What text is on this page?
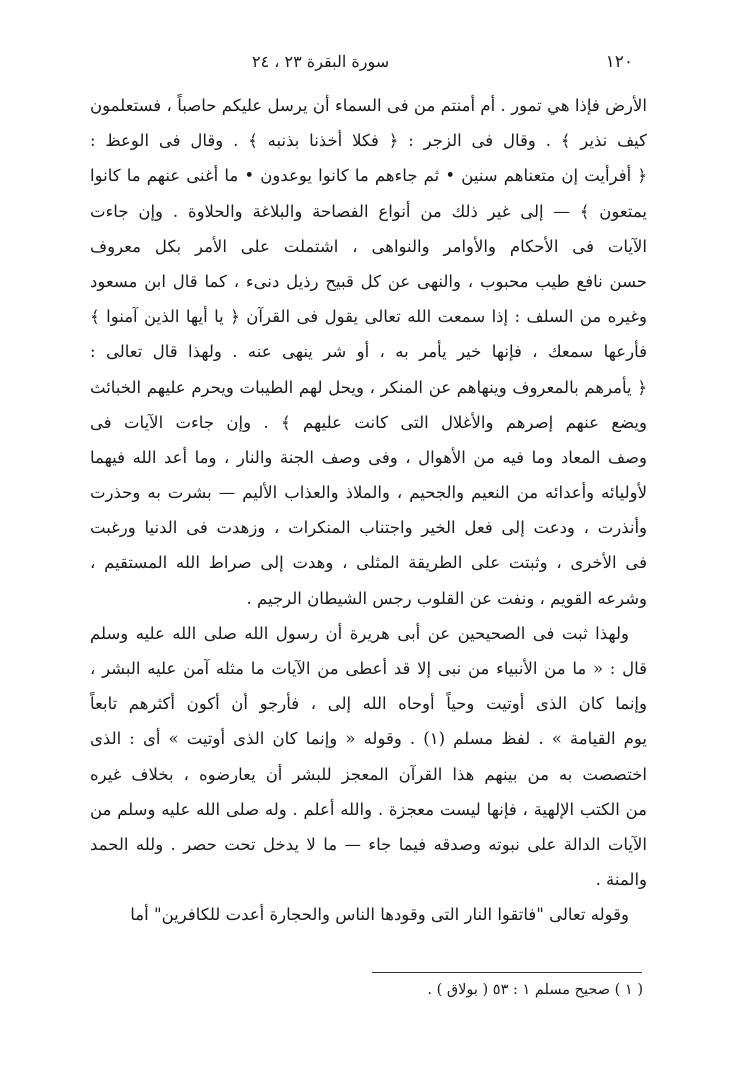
١٢٠
سورة البقرة ٢٣ ، ٢٤
الأرض فإذا هي تمور . أم أمنتم من فى السماء أن يرسل عليكم حاصباً ، فستعلمون
كيف نذير ﴾ . وقال فى الزجر : ﴿ فكلا أخذنا بذنبه ﴾ . وقال فى الوعظ :
﴿ أفرأيت إن متعناهم سنين • ثم جاءهم ما كانوا يوعدون • ما أغنى عنهم ما كانوا
يمتعون ﴾ — إلى غير ذلك من أنواع الفصاحة والبلاغة والحلاوة . وإن جاءت
الآيات فى الأحكام والأوامر والنواهى ، اشتملت على الأمر بكل معروف
حسن نافع طيب محبوب ، والنهى عن كل قبيح رذيل دنىء ، كما قال ابن مسعود
وغيره من السلف : إذا سمعت الله تعالى يقول فى القرآن ﴿ يا أيها الذين آمنوا ﴾
فأرعها سمعك ، فإنها خير يأمر به ، أو شر ينهى عنه . ولهذا قال تعالى :
﴿ يأمرهم بالمعروف وينهاهم عن المنكر ، ويحل لهم الطيبات ويحرم عليهم الخبائث
ويضع عنهم إصرهم والأغلال التى كانت عليهم ﴾ . وإن جاءت الآيات فى
وصف المعاد وما فيه من الأهوال ، وفى وصف الجنة والنار ، وما أعد الله فيهما
لأوليائه وأعدائه من النعيم والجحيم ، والملاذ والعذاب الأليم — بشرت به وحذرت
وأنذرت ، ودعت إلى فعل الخير واجتناب المنكرات ، وزهدت فى الدنيا ورغبت
فى الأخرى ، وثبتت على الطريقة المثلى ، وهدت إلى صراط الله المستقيم ،
وشرعه القويم ، ونفت عن القلوب رجس الشيطان الرجيم .
ولهذا ثبت فى الصحيحين عن أبى هريرة أن رسول الله صلى الله عليه وسلم
قال : « ما من الأنبياء من نبى إلا قد أعطى من الآيات ما مثله آمن عليه البشر ،
وإنما كان الذى أوتيت وحياً أوحاه الله إلى ، فأرجو أن أكون أكثرهم تابعاً
يوم القيامة » . لفظ مسلم (١) . وقوله « وإنما كان الذى أوتيت » أى : الذى
اختصصت به من بينهم هذا القرآن المعجز للبشر أن يعارضوه ، بخلاف غيره
من الكتب الإلهية ، فإنها ليست معجزة . والله أعلم . وله صلى الله عليه وسلم من
الآيات الدالة على نبوته وصدقه فيما جاء — ما لا يدخل تحت حصر . ولله الحمد
والمنة .
وقوله تعالى "فاتقوا النار التى وقودها الناس والحجارة أعدت للكافرين" أما
( ١ ) صحيح مسلم ١ : ٥٣ ( بولاق ) .
